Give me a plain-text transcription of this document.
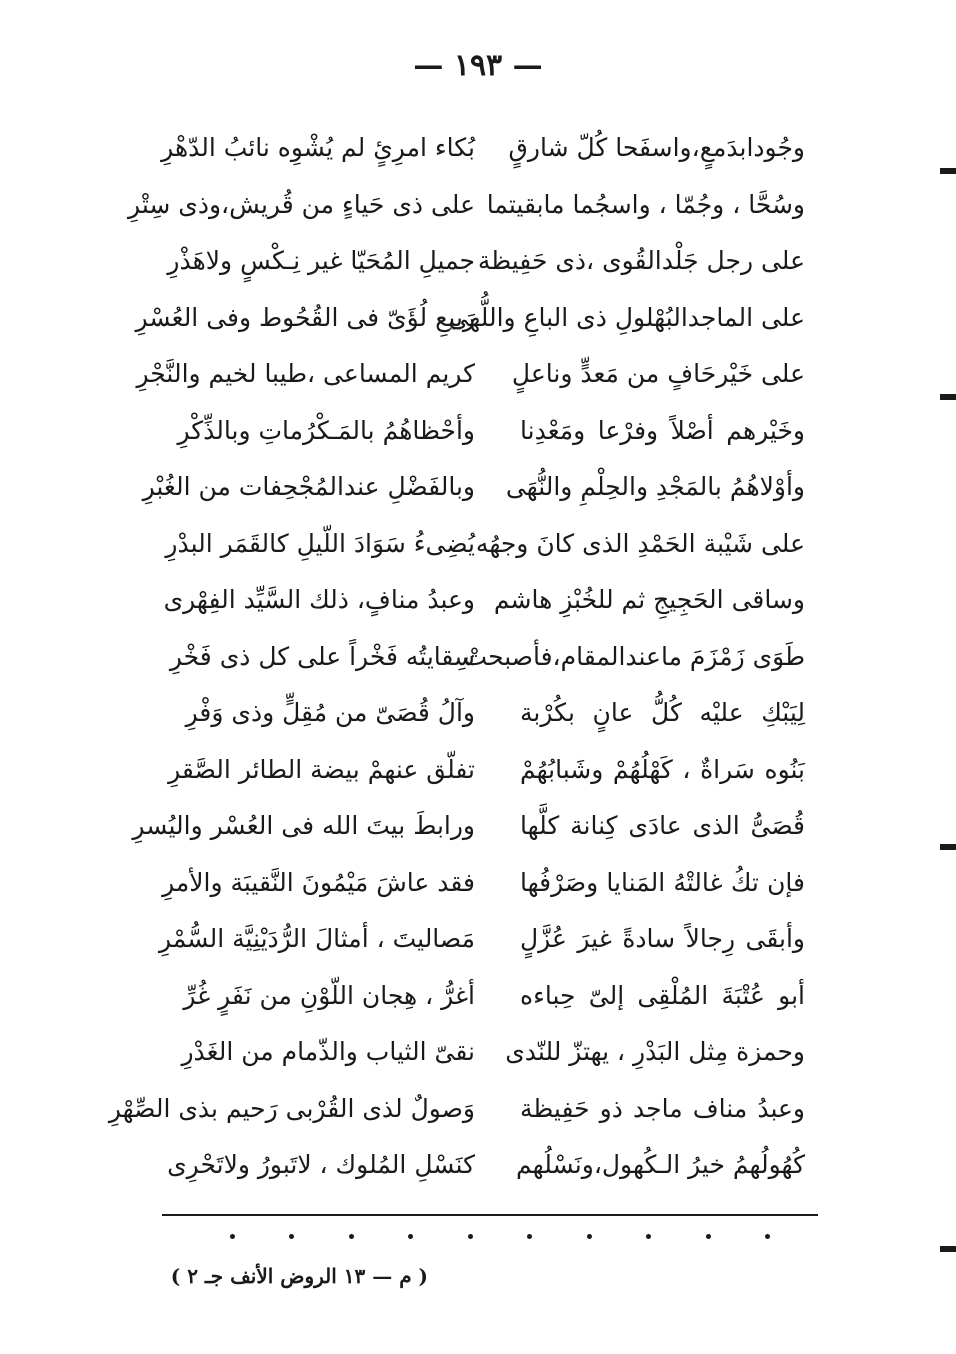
— ١٩٣ —
وجُودابدَمعٍ،واسفَحا كُلّ شارقٍ
بُكاء امرِئٍ لم يُشْوِه نائبُ الدّهْرِ
وسُحَّا ، وجُمّا ، واسجُما مابقيتما
على ذى حَياءٍ من قُريش،وذى سِتْرِ
على رجل جَلْدالقُوى ،ذى حَفِيظة
جميلِ المُحَيّا غير نِـكْسٍ ولاهَذْرِ
على الماجدالبُهْلولِ ذى الباعِ واللُّهى
رَبيعِ لُؤَىّ فى القُحُوط وفى العُسْرِ
على خَيْرحَافٍ من مَعدٍّ وناعلٍ
كريم المساعى ،طيبا لخيم والنَّجْرِ
وخَيْرهم أصْلاً وفرْعا ومَعْدِنا
وأحْظاهُمُ بالمَـكْرُماتِ وبالذِّكْرِ
وأوْلاهُمُ بالمَجْدِ والحِلْمِ والنُّهَى
وبالفَضْلِ عندالمُجْحِفات من الغُبْرِ
على شَيْبة الحَمْدِ الذى كانَ وجهُه
يُضِىءُ سَوَادَ اللّيلِ كالقَمَر البدْرِ
وساقى الحَجِيجِ ثم للخُبْزِ هاشم
وعبدُ منافٍ، ذلك السَّيِّد الفِهْرى
طَوَى زَمْزَمَ ماعندالمقام،فأصبحتْ
سِقايتُه فَخْراً على كل ذى فَخْرِ
لِيَبْكِ عليْه كُلُّ عانٍ بكُرْبة
وآلُ قُصَىّ من مُقِلٍّ وذى وَفْرِ
بَنُوه سَراةٌ ، كَهْلُهُمْ وشَبابُهُمْ
تفلّق عنهمْ بيضة الطائر الصَّقرِ
قُصَىُّ الذى عادَى كِنانة كلَّها
ورابطَ بيتَ الله فى العُسْر واليُسرِ
فإن تكُ غالتْهُ المَنايا وصَرْفُها
فقد عاشَ مَيْمُونَ النَّقيبَة والأمرِ
وأبقَى رِجالاً سادةً غيرَ عُزَّلٍ
مَصاليتَ ، أمثالَ الرُّدَيْنِيَّة السُّمْرِ
أبو عُتْبَةَ المُلْقِى إلىّ حِباءه
أغرُّ ، هِجان اللّوْنِ من نَفَرٍ غُرِّ
وحمزة مِثل البَدْرِ ، يهتزّ للنّدى
نقىّ الثياب والذّمام من الغَدْرِ
وعبدُ مناف ماجد ذو حَفِيظة
وَصولٌ لذى القُرْبى رَحيم بذى الصِّهْرِ
كُهُولُهمُ خيرُ الـكُهول،ونَسْلُهم
كنَسْلِ المُلوك ، لاتَبورُ ولاتَحْرِى
( م — ١٣ الروض الأنف جـ ٢ )
